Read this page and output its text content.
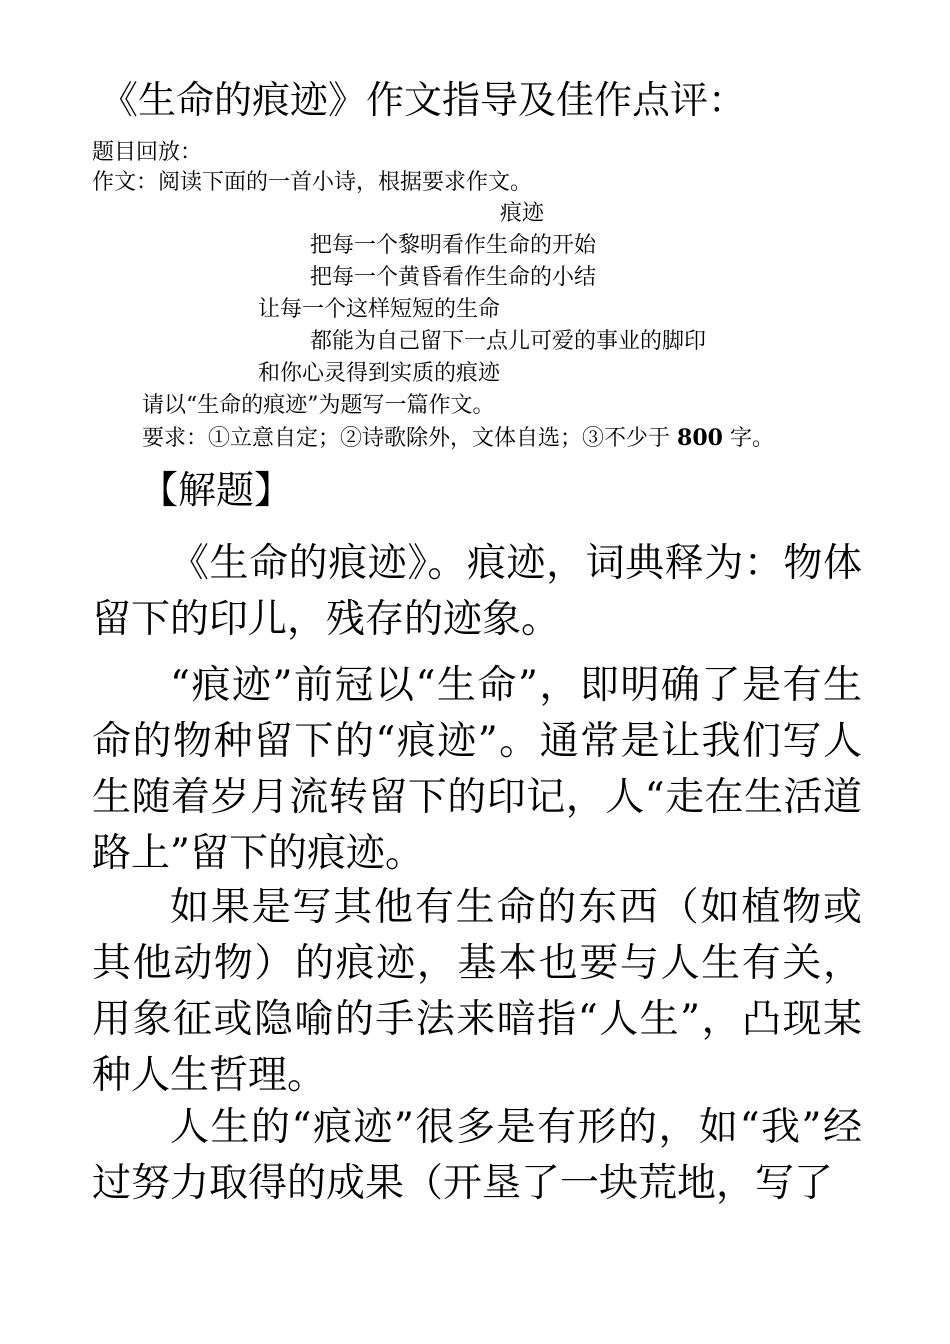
《生命的痕迹》作文指导及佳作点评：
题目回放：
作文：阅读下面的一首小诗，根据要求作文。
痕迹
把每一个黎明看作生命的开始
把每一个黄昏看作生命的小结
让每一个这样短短的生命
都能为自己留下一点儿可爱的事业的脚印
和你心灵得到实质的痕迹
请以“生命的痕迹”为题写一篇作文。
要求：①立意自定；②诗歌除外，文体自选；③不少于 800 字。
【解题】

《生命的痕迹》。痕迹，词典释为：物体留下的印儿，残存的迹象。

“痕迹”前冠以“生命”，即明确了是有生命的物种留下的“痕迹”。通常是让我们写人生随着岁月流转留下的印记，人“走在生活道路上”留下的痕迹。

如果是写其他有生命的东西（如植物或其他动物）的痕迹，基本也要与人生有关，用象征或隐喻的手法来暗指“人生”，凸现某种人生哲理。

人生的“痕迹”很多是有形的，如“我”经过努力取得的成果（开垦了一块荒地，写了
